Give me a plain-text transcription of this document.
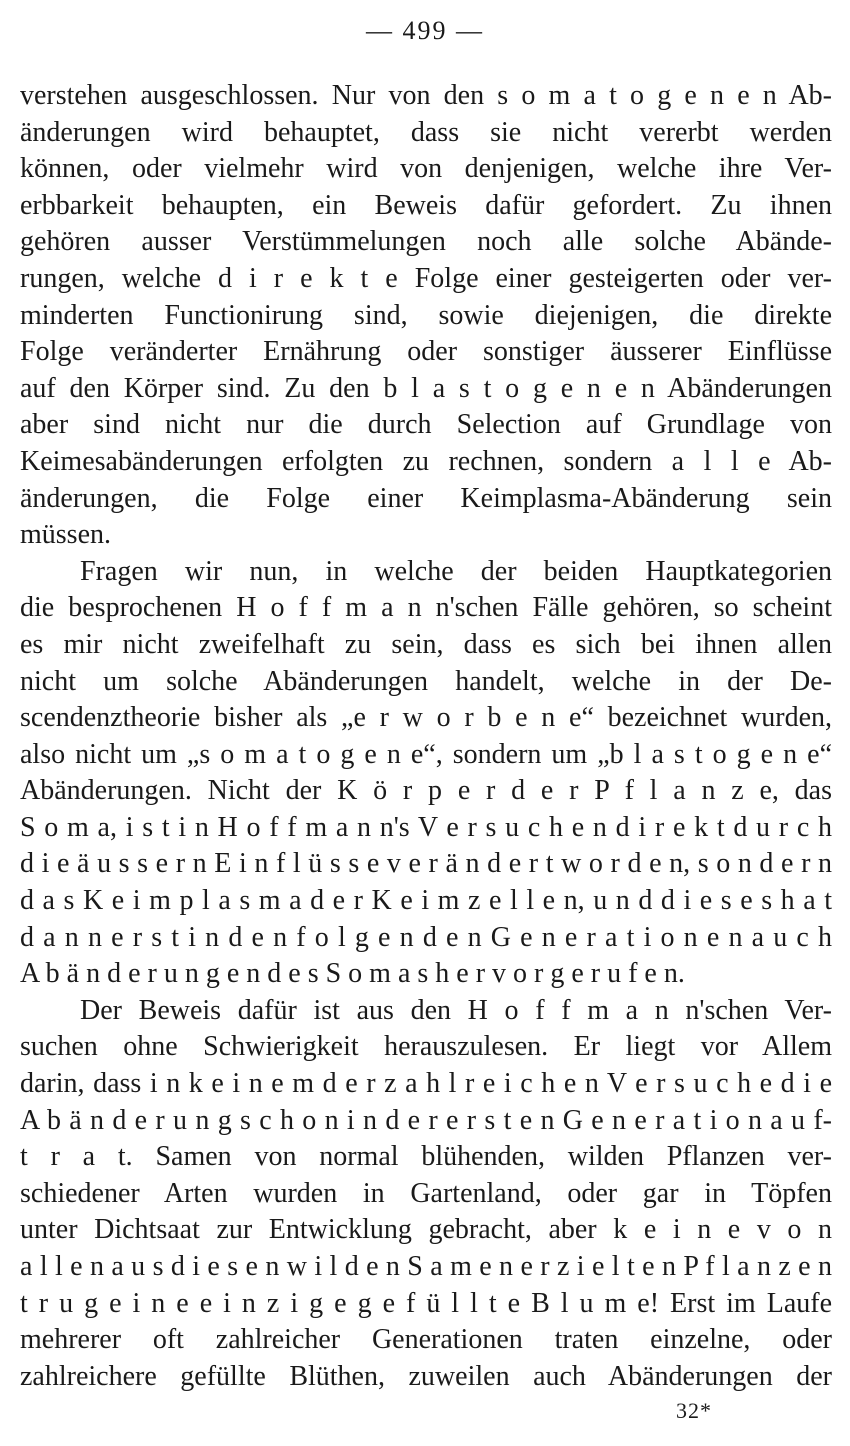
— 499 —
verstehen ausgeschlossen. Nur von den s o m a t o g e n e n Ab-
änderungen wird behauptet, dass sie nicht vererbt werden
können, oder vielmehr wird von denjenigen, welche ihre Ver-
erbbarkeit behaupten, ein Beweis dafür gefordert. Zu ihnen
gehören ausser Verstümmelungen noch alle solche Abände-
rungen, welche d i r e k t e Folge einer gesteigerten oder ver-
minderten Functionirung sind, sowie diejenigen, die direkte
Folge veränderter Ernährung oder sonstiger äusserer Einflüsse
auf den Körper sind. Zu den b l a s t o g e n e n Abänderungen
aber sind nicht nur die durch Selection auf Grundlage von
Keimesabänderungen erfolgten zu rechnen, sondern a l l e Ab-
änderungen, die Folge einer Keimplasma-Abänderung sein
müssen.
Fragen wir nun, in welche der beiden Hauptkategorien
die besprochenen H o f f m a n n'schen Fälle gehören, so scheint
es mir nicht zweifelhaft zu sein, dass es sich bei ihnen allen
nicht um solche Abänderungen handelt, welche in der De-
scendenztheorie bisher als „e r w o r b e n e“ bezeichnet wurden,
also nicht um „s o m a t o g e n e“, sondern um „b l a s t o g e n e“
Abänderungen. Nicht der K ö r p e r d e r P f l a n z e, das
S o m a, i s t i n H o f f m a n n's V e r s u c h e n d i r e k t d u r c h
d i e ä u s s e r n E i n f l ü s s e v e r ä n d e r t w o r d e n, s o n d e r n
d a s K e i m p l a s m a d e r K e i m z e l l e n, u n d d i e s e s h a t
d a n n e r s t i n d e n f o l g e n d e n G e n e r a t i o n e n a u c h
A b ä n d e r u n g e n d e s S o m a s h e r v o r g e r u f e n.
Der Beweis dafür ist aus den H o f f m a n n'schen Ver-
suchen ohne Schwierigkeit herauszulesen. Er liegt vor Allem
darin, dass i n k e i n e m d e r z a h l r e i c h e n V e r s u c h e d i e
A b ä n d e r u n g s c h o n i n d e r e r s t e n G e n e r a t i o n a u f-
t r a t. Samen von normal blühenden, wilden Pflanzen ver-
schiedener Arten wurden in Gartenland, oder gar in Töpfen
unter Dichtsaat zur Entwicklung gebracht, aber k e i n e v o n
a l l e n a u s d i e s e n w i l d e n S a m e n e r z i e l t e n P f l a n z e n
t r u g e i n e e i n z i g e g e f ü l l t e B l u m e! Erst im Laufe
mehrerer oft zahlreicher Generationen traten einzelne, oder
zahlreichere gefüllte Blüthen, zuweilen auch Abänderungen der
32*
